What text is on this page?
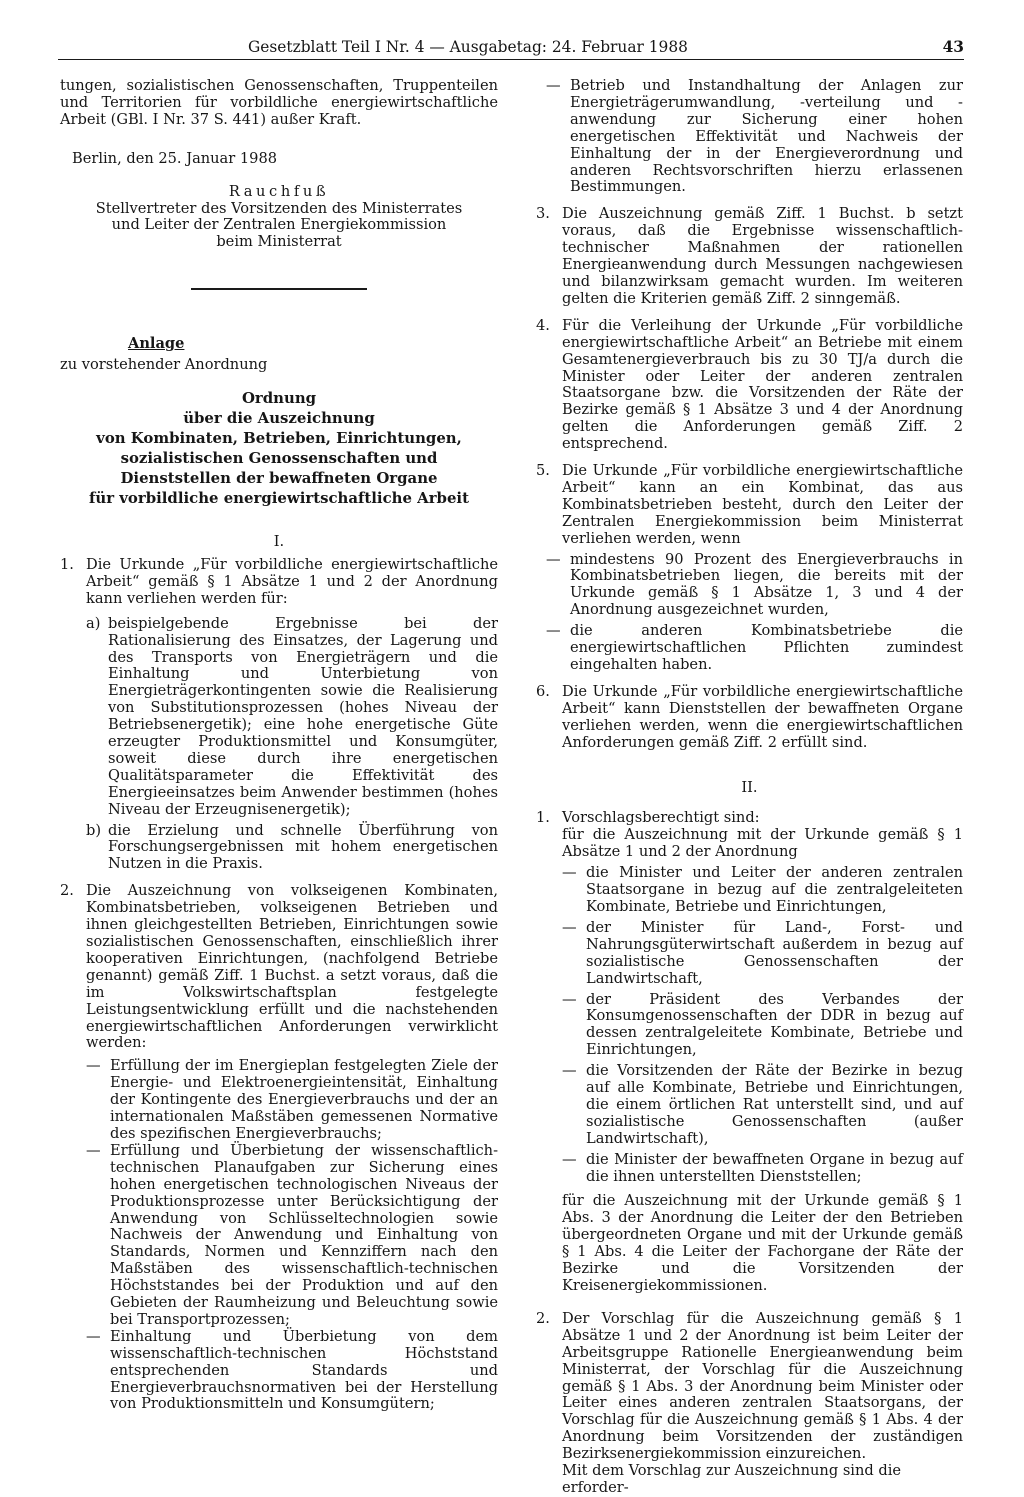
Gesetzblatt Teil I Nr. 4 — Ausgabetag: 24. Februar 1988	43

tungen, sozialistischen Genossenschaften, Truppenteilen und Territorien für vorbildliche energiewirtschaftliche Arbeit (GBl. I Nr. 37 S. 441) außer Kraft.

Berlin, den 25. Januar 1988

Rauchfuß

Stellvertreter des Vorsitzenden des Ministerrates

und Leiter der Zentralen Energiekommission

beim Ministerrat

Anlage

zu vorstehender Anordnung

Ordnung
über die Auszeichnung
von Kombinaten, Betrieben, Einrichtungen,
sozialistischen Genossenschaften und
Dienststellen der bewaffneten Organe
für vorbildliche energiewirtschaftliche Arbeit

I.

1. Die Urkunde „Für vorbildliche energiewirtschaftliche Arbeit“ gemäß § 1 Absätze 1 und 2 der Anordnung kann verliehen werden für:

a) beispielgebende Ergebnisse bei der Rationalisierung des Einsatzes, der Lagerung und des Transports von Energieträgern und die Einhaltung und Unterbietung von Energieträgerkontingenten sowie die Realisierung von Substitutionsprozessen (hohes Niveau der Betriebsenergetik); eine hohe energetische Güte erzeugter Produktionsmittel und Konsumgüter, soweit diese durch ihre energetischen Qualitätsparameter die Effektivität des Energieeinsatzes beim Anwender bestimmen (hohes Niveau der Erzeugnisenergetik);

b) die Erzielung und schnelle Überführung von Forschungsergebnissen mit hohem energetischen Nutzen in die Praxis.

2. Die Auszeichnung von volkseigenen Kombinaten, Kombinatsbetrieben, volkseigenen Betrieben und ihnen gleichgestellten Betrieben, Einrichtungen sowie sozialistischen Genossenschaften, einschließlich ihrer kooperativen Einrichtungen, (nachfolgend Betriebe genannt) gemäß Ziff. 1 Buchst. a setzt voraus, daß die im Volkswirtschaftsplan festgelegte Leistungsentwicklung erfüllt und die nachstehenden energiewirtschaftlichen Anforderungen verwirklicht werden:

— Erfüllung der im Energieplan festgelegten Ziele der Energie- und Elektroenergieintensität, Einhaltung der Kontingente des Energieverbrauchs und der an internationalen Maßstäben gemessenen Normative des spezifischen Energieverbrauchs;

— Erfüllung und Überbietung der wissenschaftlich-technischen Planaufgaben zur Sicherung eines hohen energetischen technologischen Niveaus der Produktionsprozesse unter Berücksichtigung der Anwendung von Schlüsseltechnologien sowie Nachweis der Anwendung und Einhaltung von Standards, Normen und Kennziffern nach den Maßstäben des wissenschaftlich-technischen Höchststandes bei der Produktion und auf den Gebieten der Raumheizung und Beleuchtung sowie bei Transportprozessen;

— Einhaltung und Überbietung von dem wissenschaftlich-technischen Höchststand entsprechenden Standards und Energieverbrauchsnormativen bei der Herstellung von Produktionsmitteln und Konsumgütern;

— Betrieb und Instandhaltung der Anlagen zur Energieträgerumwandlung, -verteilung und -anwendung zur Sicherung einer hohen energetischen Effektivität und Nachweis der Einhaltung der in der Energieverordnung und anderen Rechtsvorschriften hierzu erlassenen Bestimmungen.

3. Die Auszeichnung gemäß Ziff. 1 Buchst. b setzt voraus, daß die Ergebnisse wissenschaftlich-technischer Maßnahmen der rationellen Energieanwendung durch Messungen nachgewiesen und bilanzwirksam gemacht wurden. Im weiteren gelten die Kriterien gemäß Ziff. 2 sinngemäß.

4. Für die Verleihung der Urkunde „Für vorbildliche energiewirtschaftliche Arbeit“ an Betriebe mit einem Gesamtenergieverbrauch bis zu 30 TJ/a durch die Minister oder Leiter der anderen zentralen Staatsorgane bzw. die Vorsitzenden der Räte der Bezirke gemäß § 1 Absätze 3 und 4 der Anordnung gelten die Anforderungen gemäß Ziff. 2 entsprechend.

5. Die Urkunde „Für vorbildliche energiewirtschaftliche Arbeit“ kann an ein Kombinat, das aus Kombinatsbetrieben besteht, durch den Leiter der Zentralen Energiekommission beim Ministerrat verliehen werden, wenn

— mindestens 90 Prozent des Energieverbrauchs in Kombinatsbetrieben liegen, die bereits mit der Urkunde gemäß § 1 Absätze 1, 3 und 4 der Anordnung ausgezeichnet wurden,

— die anderen Kombinatsbetriebe die energiewirtschaftlichen Pflichten zumindest eingehalten haben.

6. Die Urkunde „Für vorbildliche energiewirtschaftliche Arbeit“ kann Dienststellen der bewaffneten Organe verliehen werden, wenn die energiewirtschaftlichen Anforderungen gemäß Ziff. 2 erfüllt sind.

II.

1. Vorschlagsberechtigt sind:

für die Auszeichnung mit der Urkunde gemäß § 1 Absätze 1 und 2 der Anordnung

— die Minister und Leiter der anderen zentralen Staatsorgane in bezug auf die zentralgeleiteten Kombinate, Betriebe und Einrichtungen,

— der Minister für Land-, Forst- und Nahrungsgüterwirtschaft außerdem in bezug auf sozialistische Genossenschaften der Landwirtschaft,

— der Präsident des Verbandes der Konsumgenossenschaften der DDR in bezug auf dessen zentralgeleitete Kombinate, Betriebe und Einrichtungen,

— die Vorsitzenden der Räte der Bezirke in bezug auf alle Kombinate, Betriebe und Einrichtungen, die einem örtlichen Rat unterstellt sind, und auf sozialistische Genossenschaften (außer Landwirtschaft),

— die Minister der bewaffneten Organe in bezug auf die ihnen unterstellten Dienststellen;

für die Auszeichnung mit der Urkunde gemäß § 1 Abs. 3 der Anordnung die Leiter der den Betrieben übergeordneten Organe und mit der Urkunde gemäß § 1 Abs. 4 die Leiter der Fachorgane der Räte der Bezirke und die Vorsitzenden der Kreisenergiekommissionen.

2. Der Vorschlag für die Auszeichnung gemäß § 1 Absätze 1 und 2 der Anordnung ist beim Leiter der Arbeitsgruppe Rationelle Energieanwendung beim Ministerrat, der Vorschlag für die Auszeichnung gemäß § 1 Abs. 3 der Anordnung beim Minister oder Leiter eines anderen zentralen Staatsorgans, der Vorschlag für die Auszeichnung gemäß § 1 Abs. 4 der Anordnung beim Vorsitzenden der zuständigen Bezirksenergiekommission einzureichen.

Mit dem Vorschlag zur Auszeichnung sind die erforder-
